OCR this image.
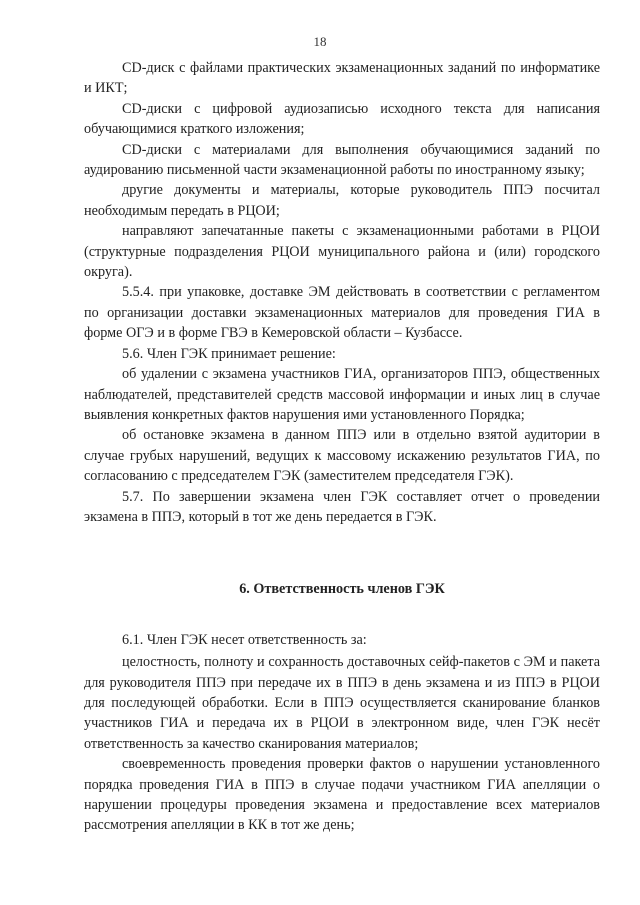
18

CD-диск с файлами практических экзаменационных заданий по информатике и ИКТ;

CD-диски с цифровой аудиозаписью исходного текста для написания обучающимися краткого изложения;

CD-диски с материалами для выполнения обучающимися заданий по аудированию письменной части экзаменационной работы по иностранному языку;

другие документы и материалы, которые руководитель ППЭ посчитал необходимым передать в РЦОИ;

направляют запечатанные пакеты с экзаменационными работами в РЦОИ (структурные подразделения РЦОИ муниципального района и (или) городского округа).

5.5.4. при упаковке, доставке ЭМ действовать в соответствии с регламентом по организации доставки экзаменационных материалов для проведения ГИА в форме ОГЭ и в форме ГВЭ в Кемеровской области – Кузбассе.

5.6. Член ГЭК принимает решение:

об удалении с экзамена участников ГИА, организаторов ППЭ, общественных наблюдателей, представителей средств массовой информации и иных лиц в случае выявления конкретных фактов нарушения ими установленного Порядка;

об остановке экзамена в данном ППЭ или в отдельно взятой аудитории в случае грубых нарушений, ведущих к массовому искажению результатов ГИА, по согласованию с председателем ГЭК (заместителем председателя ГЭК).

5.7. По завершении экзамена член ГЭК составляет отчет о проведении экзамена в ППЭ, который в тот же день передается в ГЭК.

6. Ответственность членов ГЭК

6.1. Член ГЭК несет ответственность за:

целостность, полноту и сохранность доставочных сейф-пакетов с ЭМ и пакета для руководителя ППЭ при передаче их в ППЭ в день экзамена и из ППЭ в РЦОИ для последующей обработки. Если в ППЭ осуществляется сканирование бланков участников ГИА и передача их в РЦОИ в электронном виде, член ГЭК несёт ответственность за качество сканирования материалов;

своевременность проведения проверки фактов о нарушении установленного порядка проведения ГИА в ППЭ в случае подачи участником ГИА апелляции о нарушении процедуры проведения экзамена и предоставление всех материалов рассмотрения апелляции в КК в тот же день;
